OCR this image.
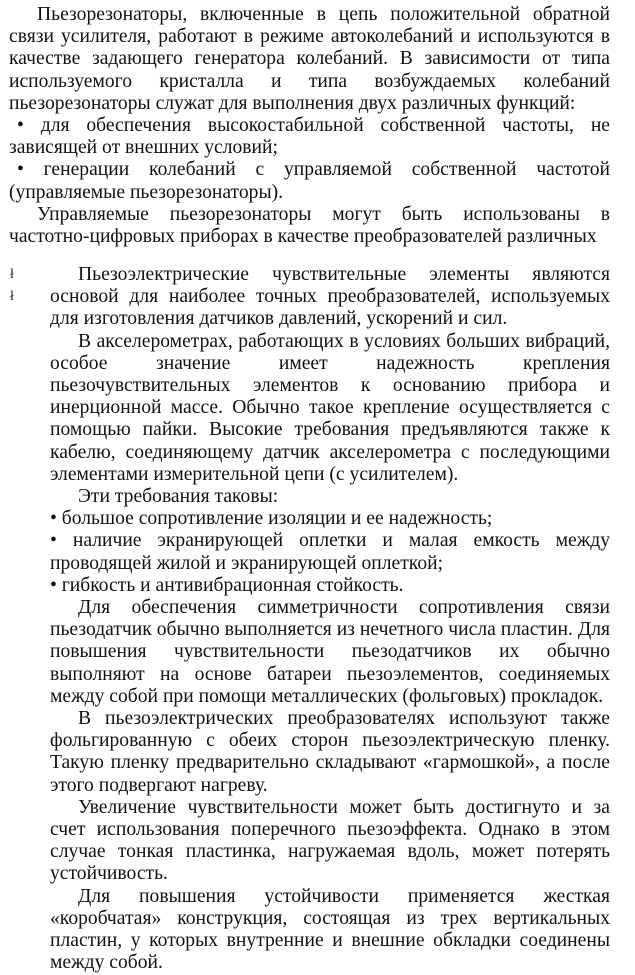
Пьезорезонаторы, включенные в цепь положительной обратной связи усилителя, работают в режиме автоколебаний и используются в качестве задающего генератора колебаний. В зависимости от типа используемого кристалла и типа возбуждаемых колебаний пьезорезонаторы служат для выполнения двух различных функций:

• для обеспечения высокостабильной собственной частоты, не зависящей от внешних условий;

• генерации колебаний с управляемой собственной частотой (управляемые пьезорезонаторы).

Управляемые пьезорезонаторы могут быть использованы в частотно-цифровых приборах в качестве преобразователей различных

ł
ł

Пьезоэлектрические чувствительные элементы являются основой для наиболее точных преобразователей, используемых для изготовления датчиков давлений, ускорений и сил.

В акселерометрах, работающих в условиях больших вибраций, особое значение имеет надежность крепления пьезочувствительных элементов к основанию прибора и инерционной массе. Обычно такое крепление осуществляется с помощью пайки. Высокие требования предъявляются также к кабелю, соединяющему датчик акселерометра с последующими элементами измерительной цепи (с усилителем).

Эти требования таковы:

• большое сопротивление изоляции и ее надежность;

• наличие экранирующей оплетки и малая емкость между проводящей жилой и экранирующей оплеткой;

• гибкость и антивибрационная стойкость.

Для обеспечения симметричности сопротивления связи пьезодатчик обычно выполняется из нечетного числа пластин. Для повышения чувствительности пьезодатчиков их обычно выполняют на основе батареи пьезоэлементов, соединяемых между собой при помощи металлических (фольговых) прокладок.

В пьезоэлектрических преобразователях используют также фольгированную с обеих сторон пьезоэлектрическую пленку. Такую пленку предварительно складывают «гармошкой», а после этого подвергают нагреву.

Увеличение чувствительности может быть достигнуто и за счет использования поперечного пьезоэффекта. Однако в этом случае тонкая пластинка, нагружаемая вдоль, может потерять устойчивость.

Для повышения устойчивости применяется жесткая «коробчатая» конструкция, состоящая из трех вертикальных пластин, у которых внутренние и внешние обкладки соединены между собой.
